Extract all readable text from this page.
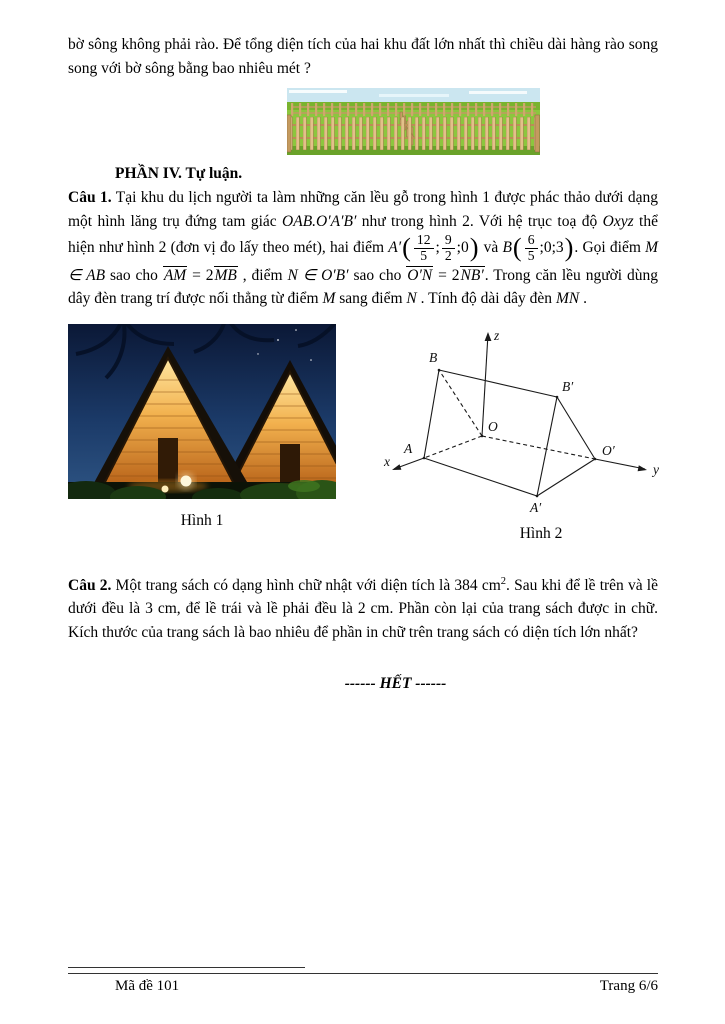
bờ sông không phải rào. Để tổng diện tích của hai khu đất lớn nhất thì chiều dài hàng rào song song với bờ sông bằng bao nhiêu mét ?

PHẦN IV. Tự luận.

Câu 1. Tại khu du lịch người ta làm những căn lều gỗ trong hình 1 được phác thảo dưới dạng một hình lăng trụ đứng tam giác OAB.O′A′B′ như trong hình 2. Với hệ trục toạ độ Oxyz thể hiện như hình 2 (đơn vị đo lấy theo mét), hai điểm $A'( \frac{12}{5}$ ; $\frac{9}{2}$ ;0) và $B( \frac{6}{5}$ ;0;3). Gọi điểm M ∈ AB sao cho AM = 2MB , điểm N ∈ O′B′ sao cho O′N = 2NB′. Trong căn lều người dùng dây đèn trang trí được nối thẳng từ điểm M sang điểm N . Tính độ dài dây đèn MN .

Hình 1

z
x
y
B
A
O
B′
O′
A′

Hình 2

Câu 2. Một trang sách có dạng hình chữ nhật với diện tích là 384 $cm^2$. Sau khi để lề trên và lề dưới đều là 3 cm, để lề trái và lề phải đều là 2 cm. Phần còn lại của trang sách được in chữ. Kích thước của trang sách là bao nhiêu để phần in chữ trên trang sách có diện tích lớn nhất?

------ HẾT ------

Mã đề 101	Trang 6/6
